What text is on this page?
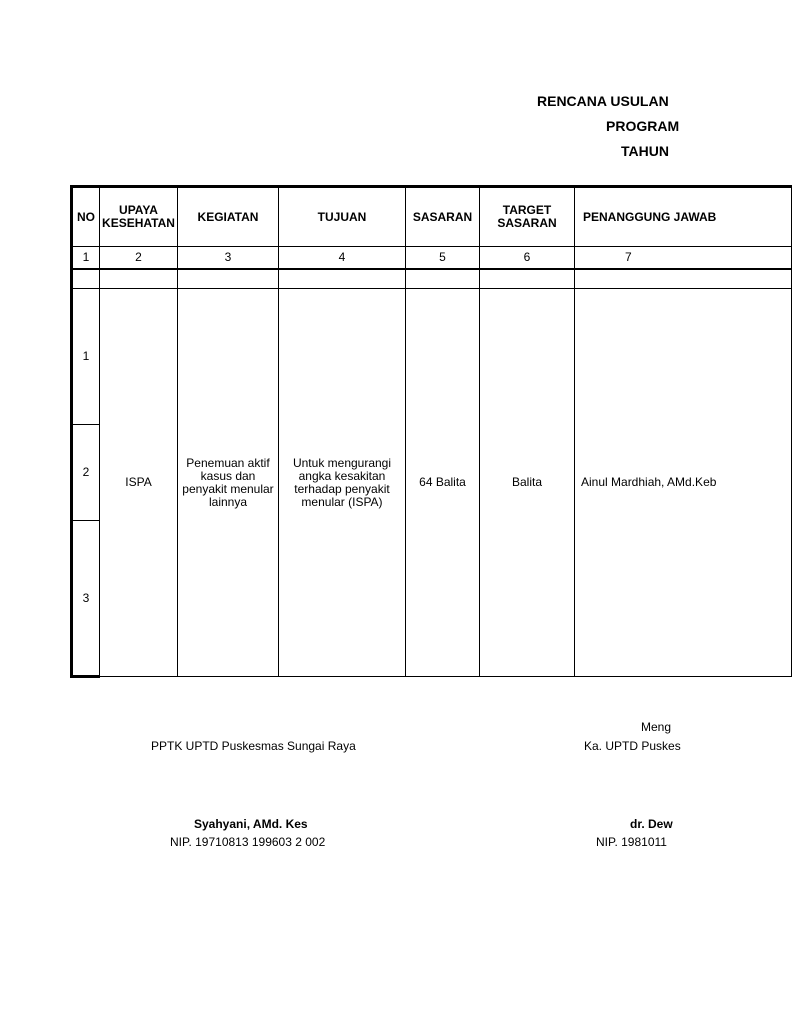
RENCANA USULAN
PROGRAM
TAHUN
NO	UPAYA KESEHATAN	KEGIATAN	TUJUAN	SASARAN	TARGET SASARAN	PENANGGUNG JAWAB
1	2	3	4	5	6	7

1	ISPA	Penemuan aktif kasus dan penyakit menular lainnya	Untuk mengurangi angka kesakitan terhadap penyakit menular (ISPA)	64 Balita	Balita	Ainul Mardhiah, AMd.Keb
2						
3						
PPTK UPTD Puskesmas Sungai Raya
Syahyani, AMd. Kes
NIP. 19710813 199603 2 002
Meng
Ka. UPTD Puskes
dr. Dew
NIP. 1981011
